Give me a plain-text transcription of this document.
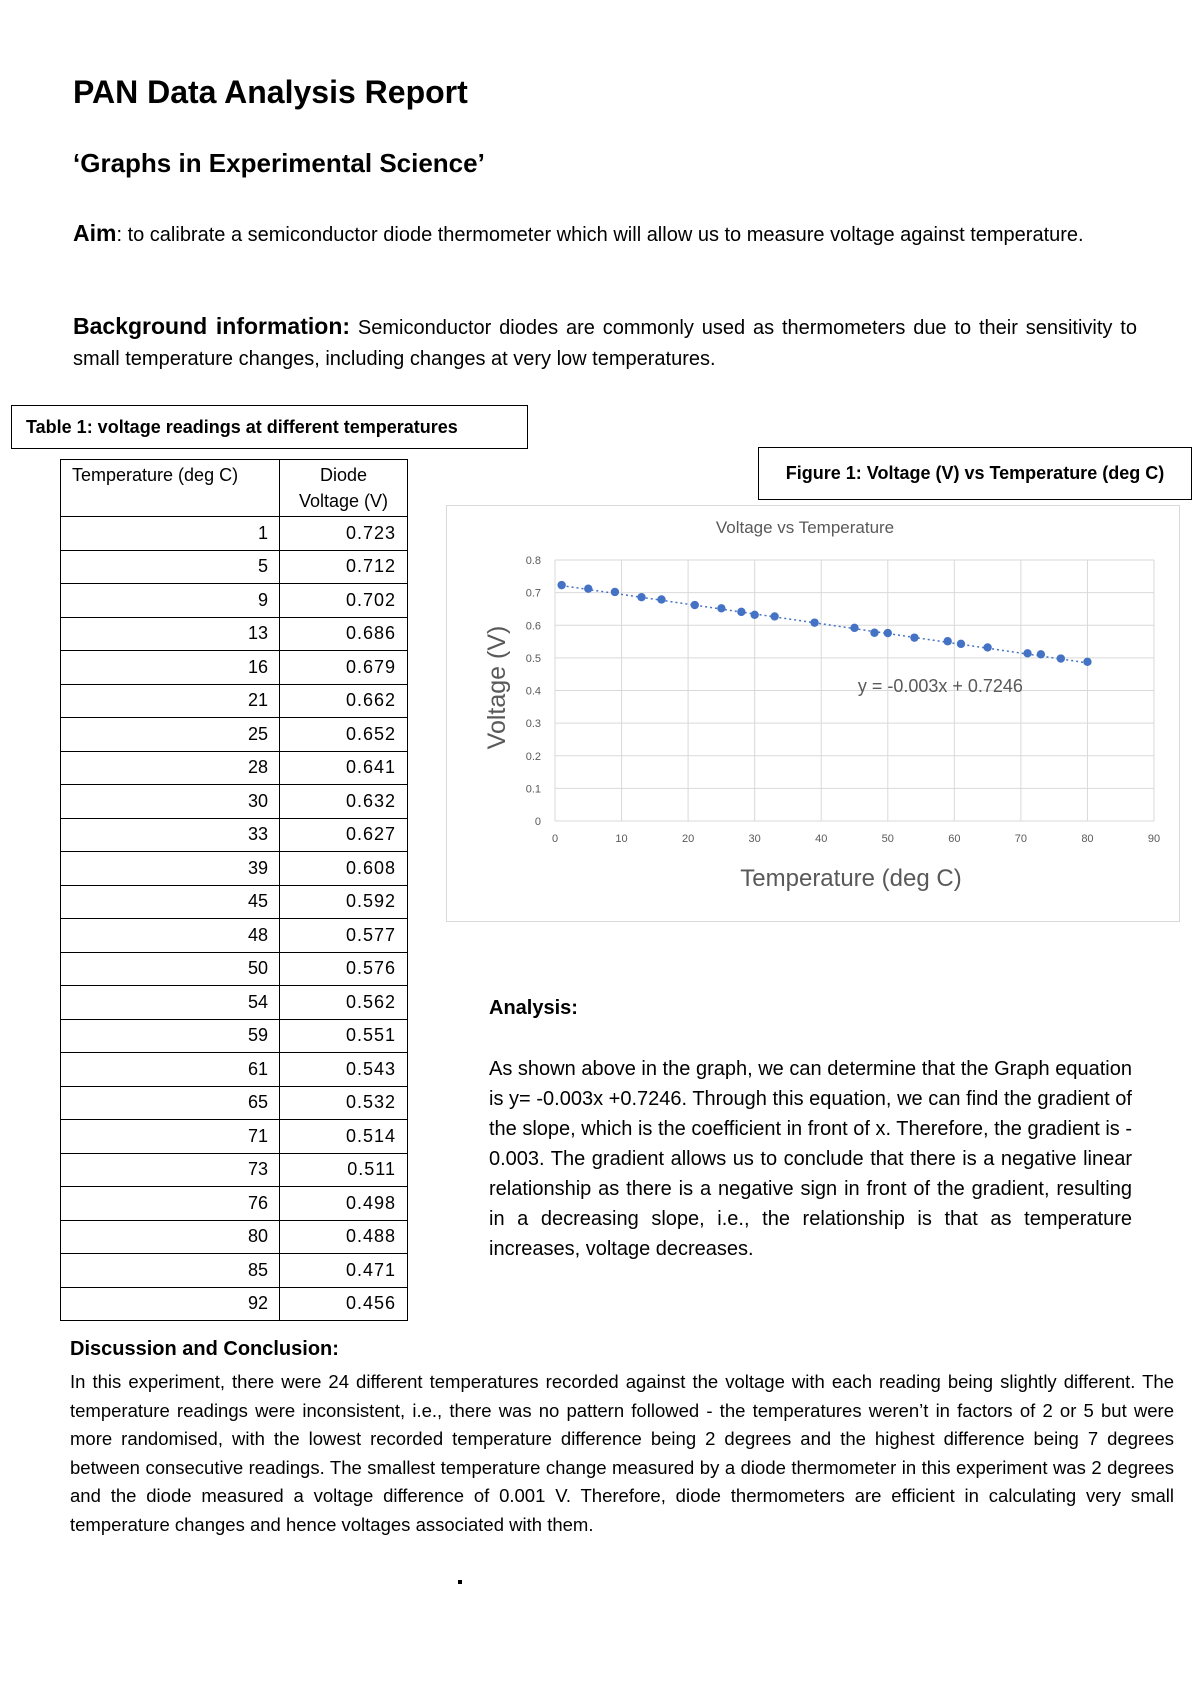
PAN Data Analysis Report
‘Graphs in Experimental Science’
Aim: to calibrate a semiconductor diode thermometer which will allow us to measure voltage against temperature.
Background information: Semiconductor diodes are commonly used as thermometers due to their sensitivity to small temperature changes, including changes at very low temperatures.
Table 1: voltage readings at different temperatures
Temperature (deg C)	Diode Voltage (V)
1	0.723
5	0.712
9	0.702
13	0.686
16	0.679
21	0.662
25	0.652
28	0.641
30	0.632
33	0.627
39	0.608
45	0.592
48	0.577
50	0.576
54	0.562
59	0.551
61	0.543
65	0.532
71	0.514
73	0.511
76	0.498
80	0.488
85	0.471
92	0.456
Figure 1: Voltage (V) vs Temperature (deg C)
0
0.1
0.2
0.3
0.4
0.5
0.6
0.7
0.8
0	10	20	30	40	50	60	70	80	90
Voltage vs Temperature
Temperature (deg C)
Voltage (V)	y = -0.003x + 0.7246
Analysis:
As shown above in the graph, we can determine that the Graph equation is y= -0.003x +0.7246. Through this equation, we can find the gradient of the slope, which is the coefficient in front of x. Therefore, the gradient is - 0.003. The gradient allows us to conclude that there is a negative linear relationship as there is a negative sign in front of the gradient, resulting in a decreasing slope, i.e., the relationship is that as temperature increases, voltage decreases.
Discussion and Conclusion:
In this experiment, there were 24 different temperatures recorded against the voltage with each reading being slightly different. The temperature readings were inconsistent, i.e., there was no pattern followed - the temperatures weren’t in factors of 2 or 5 but were more randomised, with the lowest recorded temperature difference being 2 degrees and the highest difference being 7 degrees between consecutive readings. The smallest temperature change measured by a diode thermometer in this experiment was 2 degrees and the diode measured a voltage difference of 0.001 V. Therefore, diode thermometers are efficient in calculating very small temperature changes and hence voltages associated with them.
